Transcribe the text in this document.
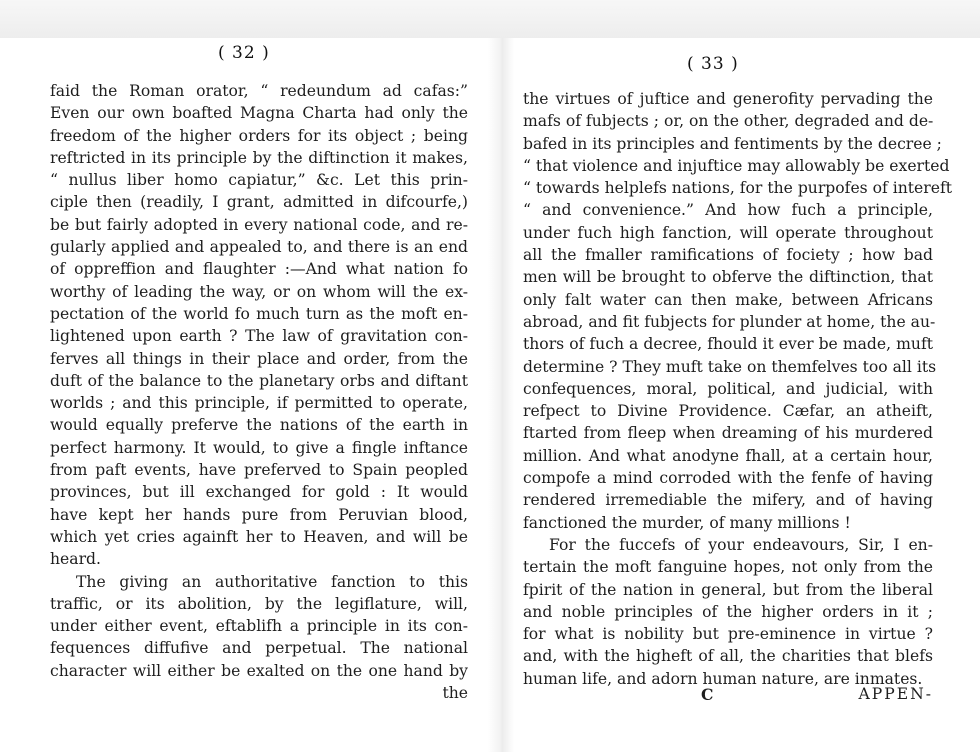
( 32 )
( 33 )
faid the Roman orator, “ redeundum ad cafas:”
Even our own boafted Magna Charta had only the
freedom of the higher orders for its object ; being
reftricted in its principle by the diftinction it makes,
“ nullus liber homo capiatur,” &c. Let this prin-
ciple then (readily, I grant, admitted in difcourfe,)
be but fairly adopted in every national code, and re-
gularly applied and appealed to, and there is an end
of oppreffion and flaughter :—And what nation fo
worthy of leading the way, or on whom will the ex-
pectation of the world fo much turn as the moft en-
lightened upon earth ? The law of gravitation con-
ferves all things in their place and order, from the
duft of the balance to the planetary orbs and diftant
worlds ; and this principle, if permitted to operate,
would equally preferve the nations of the earth in
perfect harmony. It would, to give a fingle inftance
from paft events, have preferved to Spain peopled
provinces, but ill exchanged for gold : It would
have kept her hands pure from Peruvian blood,
which yet cries againft her to Heaven, and will be
heard.
The giving an authoritative fanction to this
traffic, or its abolition, by the legiflature, will,
under either event, eftablifh a principle in its con-
fequences diffufive and perpetual. The national
character will either be exalted on the one hand by
the
the virtues of juftice and generofity pervading the
mafs of fubjects ; or, on the other, degraded and de-
bafed in its principles and fentiments by the decree ;
“ that violence and injuftice may allowably be exerted
“ towards helplefs nations, for the purpofes of intereft
“ and convenience.” And how fuch a principle,
under fuch high fanction, will operate throughout
all the fmaller ramifications of fociety ; how bad
men will be brought to obferve the diftinction, that
only falt water can then make, between Africans
abroad, and fit fubjects for plunder at home, the au-
thors of fuch a decree, fhould it ever be made, muft
determine ? They muft take on themfelves too all its
confequences, moral, political, and judicial, with
refpect to Divine Providence. Cæfar, an atheift,
ftarted from fleep when dreaming of his murdered
million. And what anodyne fhall, at a certain hour,
compofe a mind corroded with the fenfe of having
rendered irremediable the mifery, and of having
fanctioned the murder, of many millions !
For the fuccefs of your endeavours, Sir, I en-
tertain the moft fanguine hopes, not only from the
fpirit of the nation in general, but from the liberal
and noble principles of the higher orders in it ;
for what is nobility but pre-eminence in virtue ?
and, with the higheft of all, the charities that blefs
human life, and adorn human nature, are inmates.
C	APPEN-
